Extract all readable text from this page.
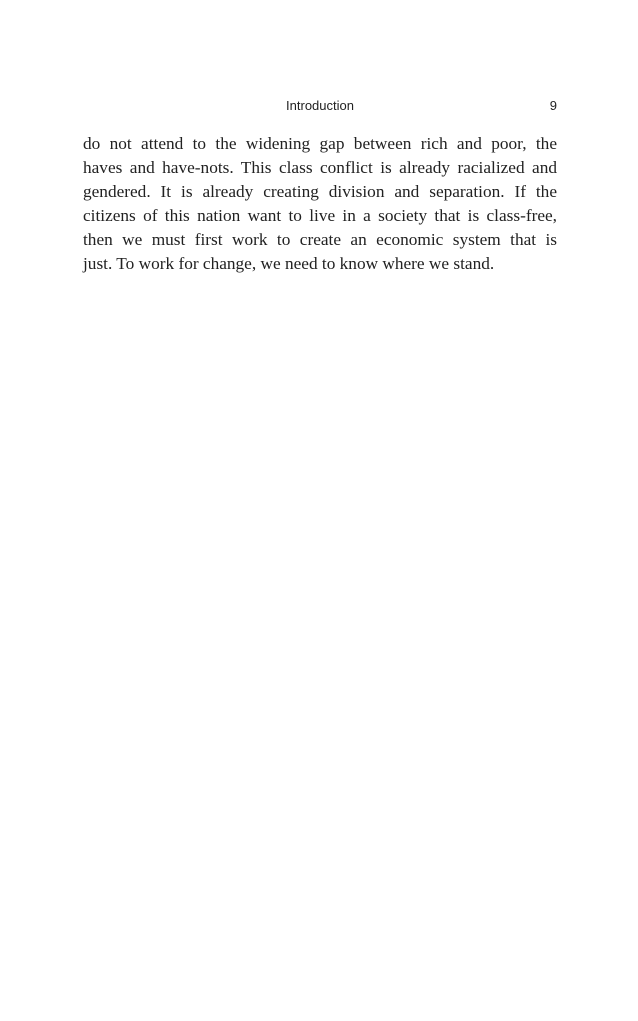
Introduction	9
do not attend to the widening gap between rich and poor, the
haves and have-nots. This class conflict is already racialized and
gendered. It is already creating division and separation. If the
citizens of this nation want to live in a society that is class-free,
then we must first work to create an economic system that is
just. To work for change, we need to know where we stand.
